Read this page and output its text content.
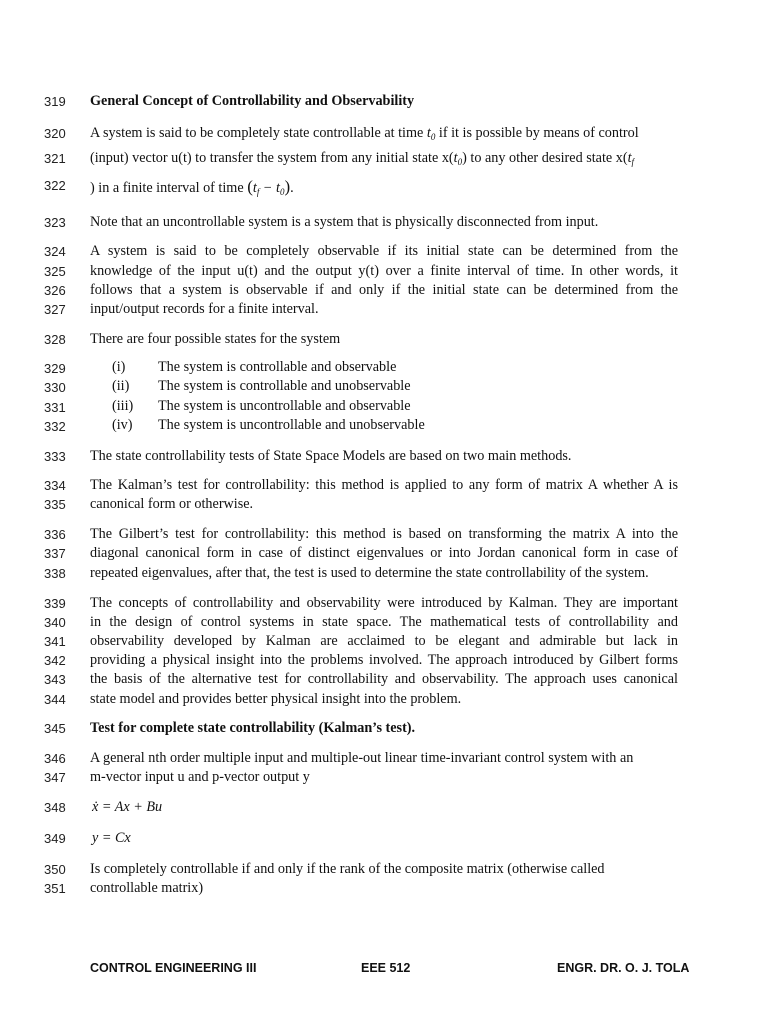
319
320
321
322
323
324
325
326
327
328
329
330
331
332
333
334
335
336
337
338
339
340
341
342
343
344
345
346
347
348
349
350
351
General Concept of Controllability and Observability
A system is said to be completely state controllable at time $t_0$ if it is possible by means of control
(input) vector u(t) to transfer the system from any initial state $x(t_0)$ to any other desired state $x(t_f$
) in a finite interval of time $(t_f - t_0)$.
Note that an uncontrollable system is a system that is physically disconnected from input.
A system is said to be completely observable if its initial state can be determined from the
knowledge of the input u(t) and the output y(t) over a finite interval of time. In other words, it
follows that a system is observable if and only if the initial state can be determined from the
input/output records for a finite interval.
There are four possible states for the system
(i) The system is controllable and observable
(ii) The system is controllable and unobservable
(iii) The system is uncontrollable and observable
(iv) The system is uncontrollable and unobservable
The state controllability tests of State Space Models are based on two main methods.
The Kalman’s test for controllability: this method is applied to any form of matrix A whether A is
canonical form or otherwise.
The Gilbert’s test for controllability: this method is based on transforming the matrix A into the
diagonal canonical form in case of distinct eigenvalues or into Jordan canonical form in case of
repeated eigenvalues, after that, the test is used to determine the state controllability of the system.
The concepts of controllability and observability were introduced by Kalman. They are important
in the design of control systems in state space. The mathematical tests of controllability and
observability developed by Kalman are acclaimed to be elegant and admirable but lack in
providing a physical insight into the problems involved. The approach introduced by Gilbert forms
the basis of the alternative test for controllability and observability. The approach uses canonical
state model and provides better physical insight into the problem.
Test for complete state controllability (Kalman’s test).
A general nth order multiple input and multiple-out linear time-invariant control system with an
m-vector input u and p-vector output y
ẋ = Ax + Bu
y = Cx
Is completely controllable if and only if the rank of the composite matrix (otherwise called
controllable matrix)
CONTROL ENGINEERING III	EEE 512	ENGR. DR. O. J. TOLA
